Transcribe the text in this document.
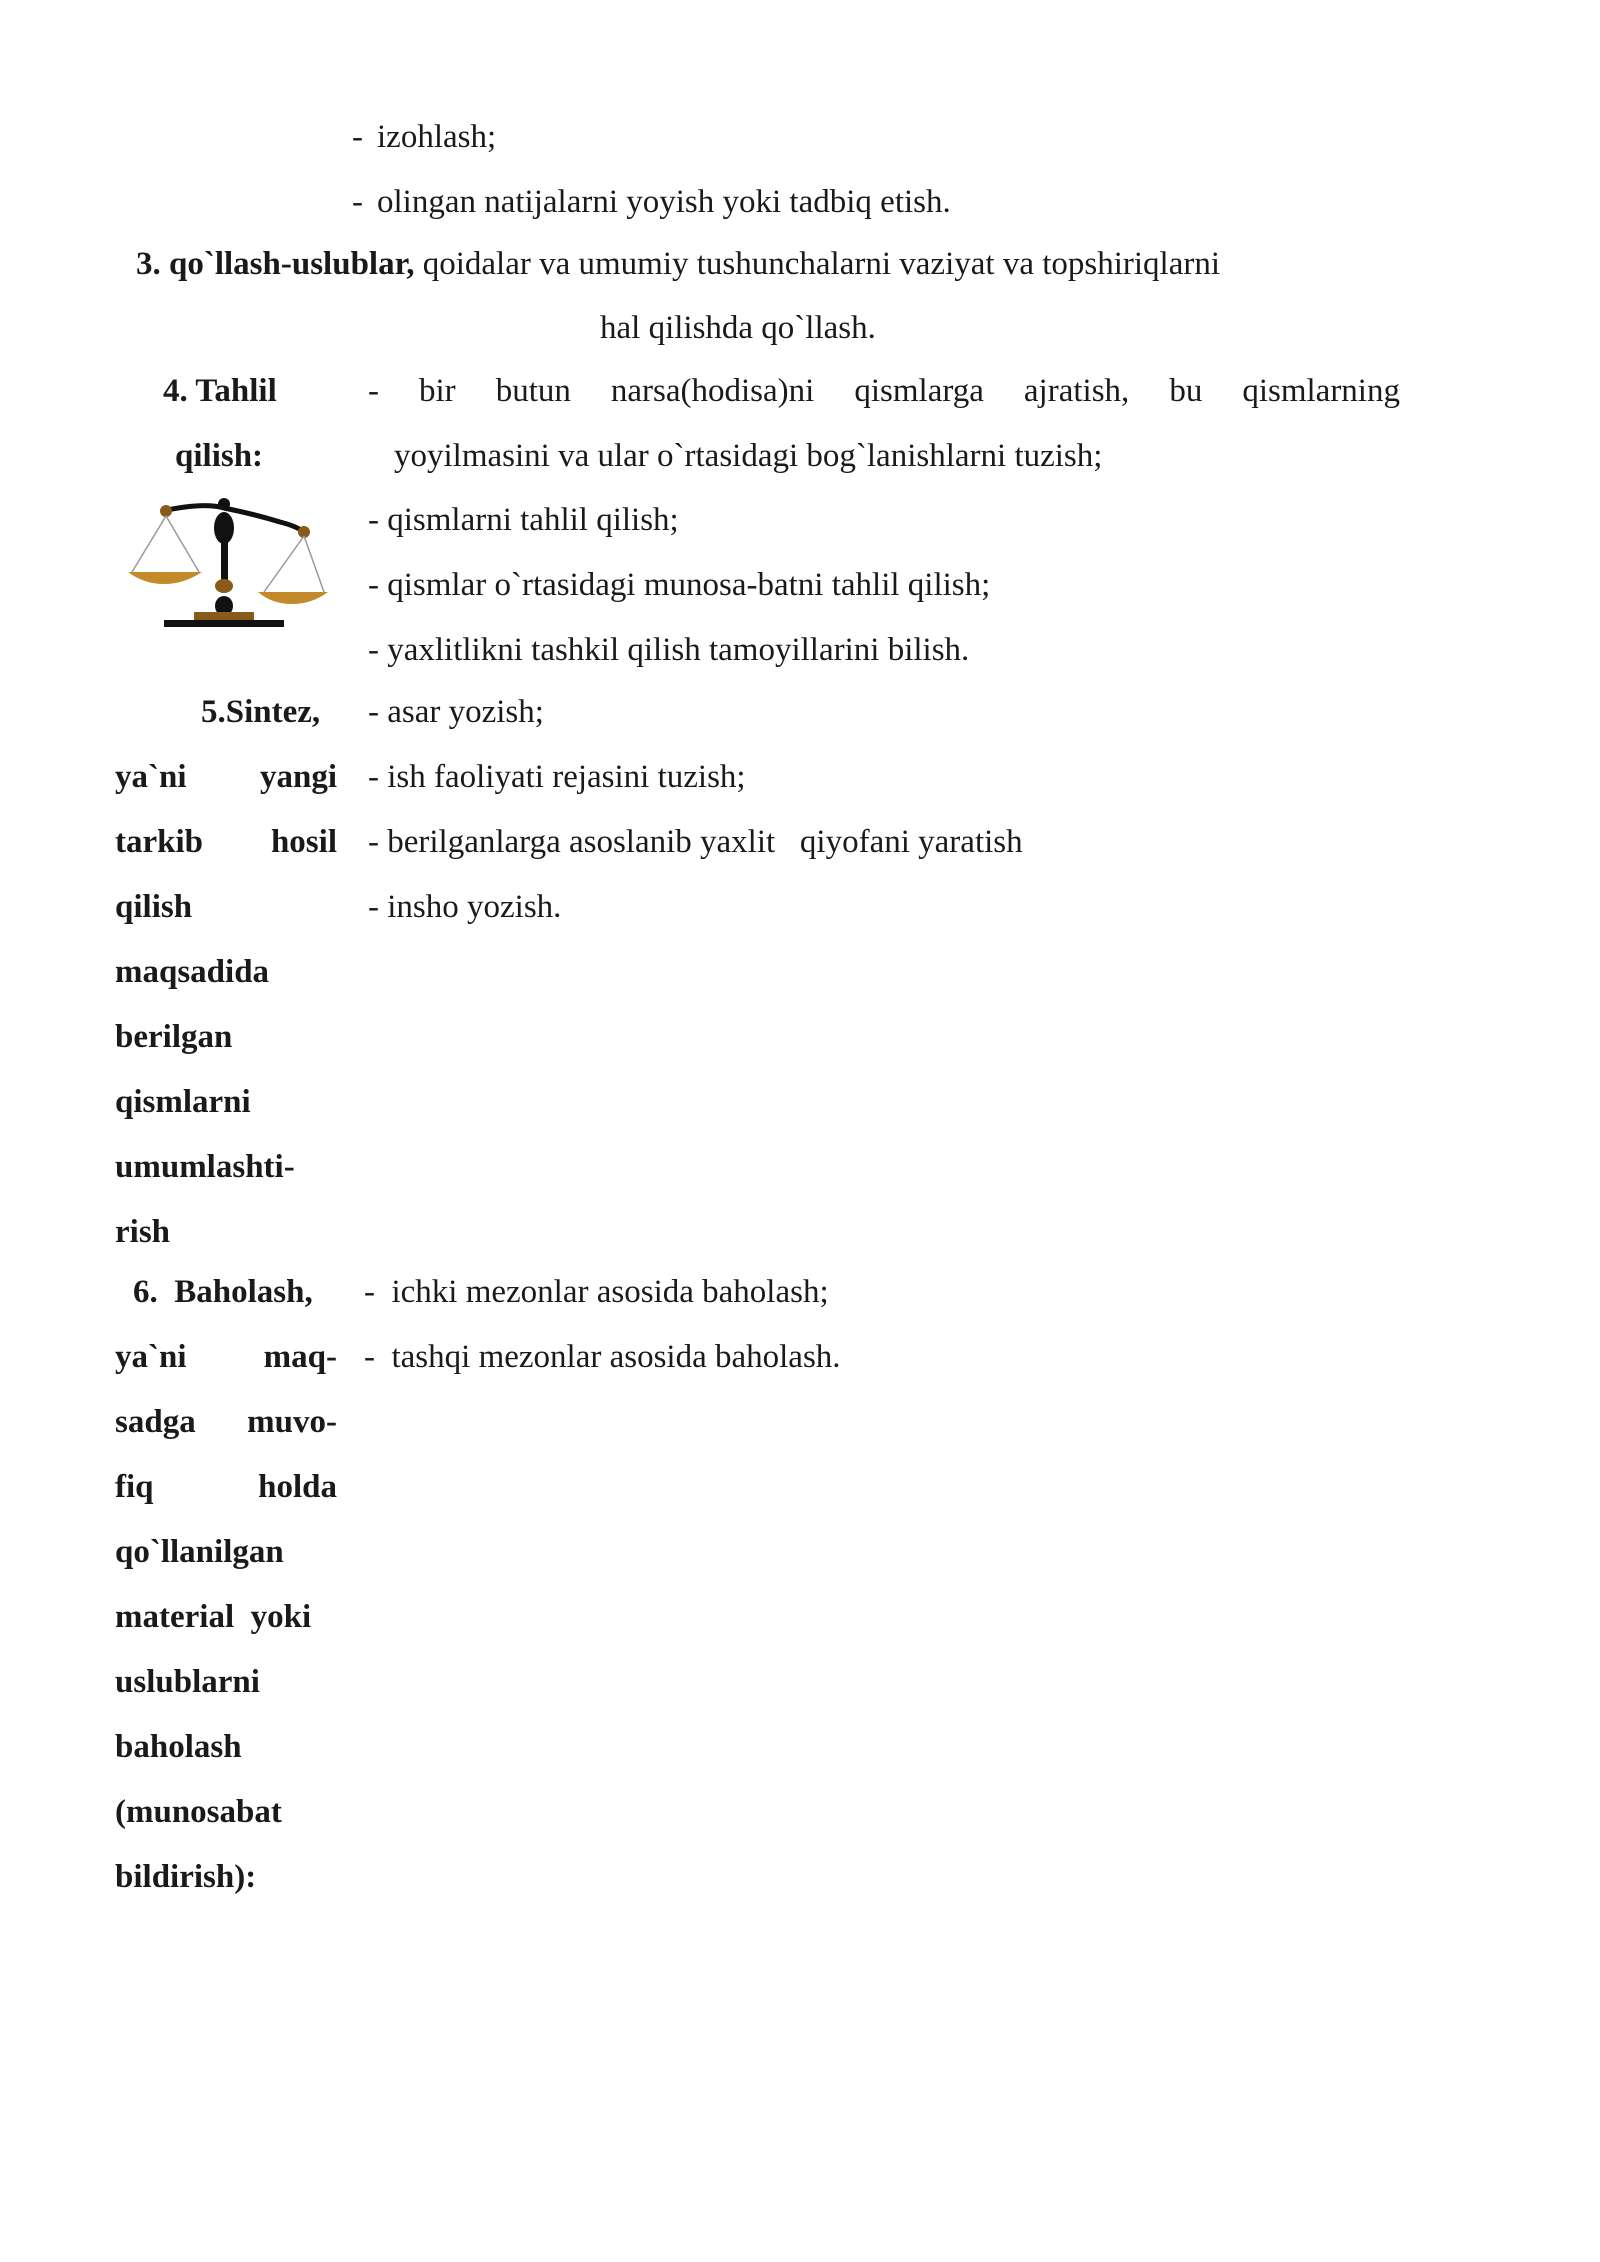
- izohlash;
- olingan natijalarni yoyish yoki tadbiq etish.
3. qo`llash-uslublar, qoidalar va umumiy tushunchalarni vaziyat va topshiriqlarni
hal qilishda qo`llash.
4. Tahlil
qilish:
- bir butun narsa(hodisa)ni qismlarga ajratish, bu qismlarning
yoyilmasini va ular o`rtasidagi bog`lanishlarni tuzish;
- qismlarni tahlil qilish;
- qismlar o`rtasidagi munosa-batni tahlil qilish;
- yaxlitlikni tashkil qilish tamoyillarini bilish.
5.Sintez,
ya`ni yangi
tarkib hosil
qilish
maqsadida
berilgan
qismlarni
umumlashti-
rish
- asar yozish;
- ish faoliyati rejasini tuzish;
- berilganlarga asoslanib yaxlit   qiyofani yaratish
- insho yozish.
6.  Baholash,
ya`ni maq-
sadga muvo-
fiq	holda
qo`llanilgan
material  yoki
uslublarni
baholash
(munosabat
bildirish):
-  ichki mezonlar asosida baholash;
-  tashqi mezonlar asosida baholash.
